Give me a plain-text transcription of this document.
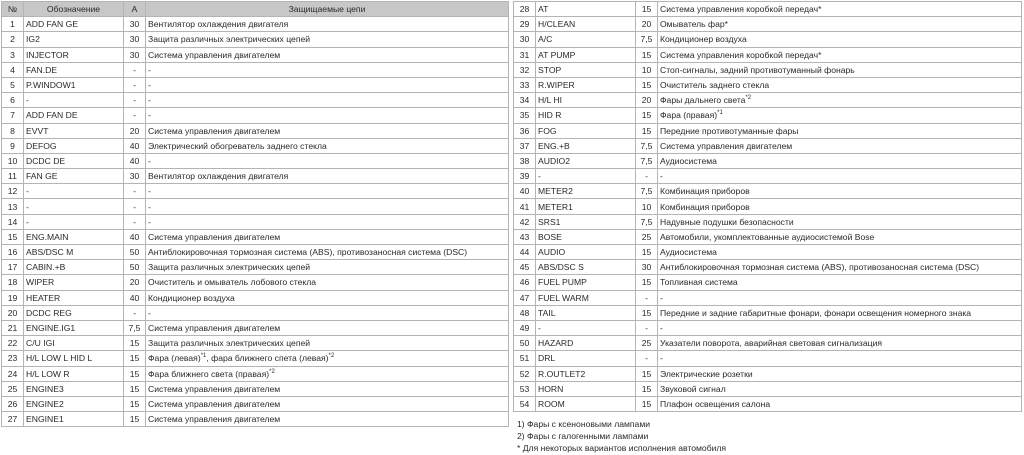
№	Обозначение	A	Защищаемые цепи
1	ADD FAN GE	30	Вентилятор охлаждения двигателя
2	IG2	30	Защита различных электрических цепей
3	INJECTOR	30	Система управления двигателем
4	FAN.DE	-	-
5	P.WINDOW1	-	-
6	-	-	-
7	ADD FAN DE	-	-
8	EVVT	20	Система управления двигателем
9	DEFOG	40	Электрический обогреватель заднего стекла
10	DCDC DE	40	-
11	FAN GE	30	Вентилятор охлаждения двигателя
12	-	-	-
13	-	-	-
14	-	-	-
15	ENG.MAIN	40	Система управления двигателем
16	ABS/DSC M	50	Антиблокировочная тормозная система (ABS), противозаносная система (DSC)
17	CABIN.+B	50	Защита различных электрических цепей
18	WIPER	20	Очиститель и омыватель лобового стекла
19	HEATER	40	Кондиционер воздуха
20	DCDC REG	-	-
21	ENGINE.IG1	7,5	Система управления двигателем
22	C/U IGI	15	Защита различных электрических цепей
23	H/L LOW L HID L	15	Фара (левая)$^{*1}$, фара ближнего спета (левая)$^{*2}$
24	H/L LOW R	15	Фара ближнего света (правая)$^{*2}$
25	ENGINE3	15	Система управления двигателем
26	ENGINE2	15	Система управления двигателем
27	ENGINE1	15	Система управления двигателем
28	AT	15	Система управления коробкой передач*
29	H/CLEAN	20	Омыватель фар*
30	A/C	7,5	Кондиционер воздуха
31	AT PUMP	15	Система управления коробкой передач*
32	STOP	10	Стоп-сигналы, задний противотуманный фонарь
33	R.WIPER	15	Очиститель заднего стекла
34	H/L HI	20	Фары дальнего света$^{*2}$
35	HID R	15	Фара (правая)$^{*1}$
36	FOG	15	Передние противотуманные фары
37	ENG.+B	7,5	Система управления двигателем
38	AUDIO2	7,5	Аудиосистема
39	-	-	-
40	METER2	7,5	Комбинация приборов
41	METER1	10	Комбинация приборов
42	SRS1	7,5	Надувные подушки безопасности
43	BOSE	25	Автомобили, укомплектованные аудиосистемой Bose
44	AUDIO	15	Аудиосистема
45	ABS/DSC S	30	Антиблокировочная тормозная система (ABS), противозаносная система (DSC)
46	FUEL PUMP	15	Топливная система
47	FUEL WARM	-	-
48	TAIL	15	Передние и задние габаритные фонари, фонари освещения номерного знака
49	-	-	-
50	HAZARD	25	Указатели поворота, аварийная световая сигнализация
51	DRL	-	-
52	R.OUTLET2	15	Электрические розетки
53	HORN	15	Звуковой сигнал
54	ROOM	15	Плафон освещения салона
1) Фары с ксеноновыми лампами
2) Фары с галогенными лампами
* Для некоторых вариантов исполнения автомобиля
